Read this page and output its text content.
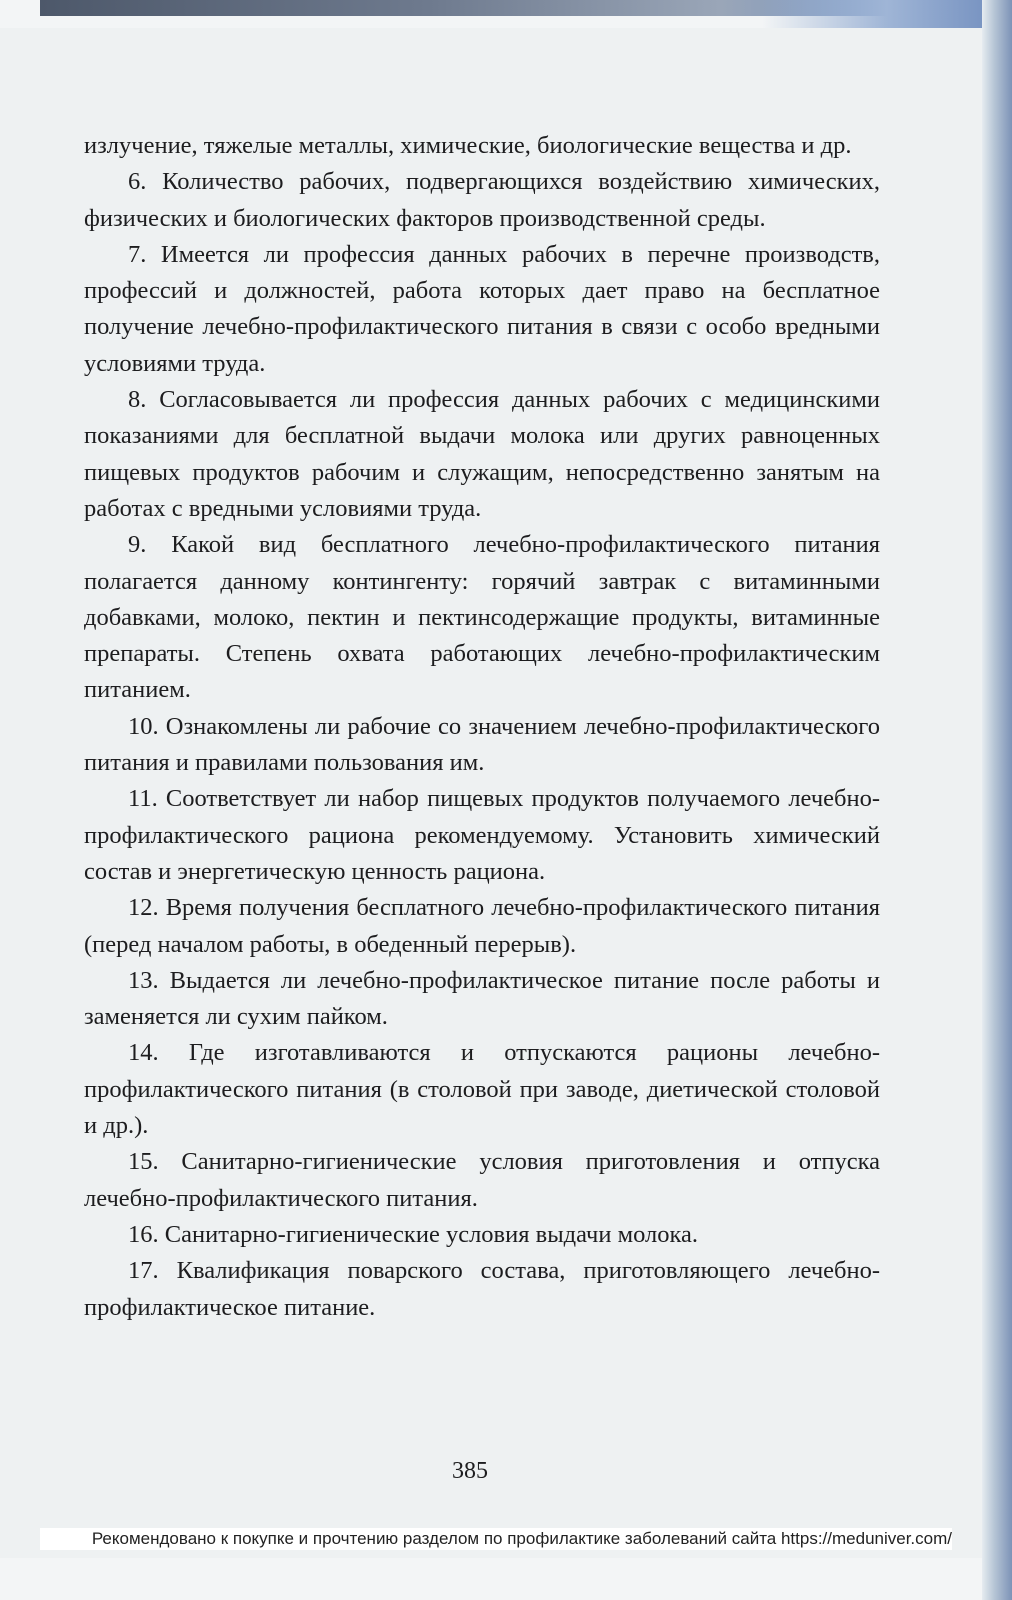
излучение, тяжелые металлы, химические, биологические вещества и др.

6. Количество рабочих, подвергающихся воздействию химических, физических и биологических факторов производственной среды.

7. Имеется ли профессия данных рабочих в перечне производств, профессий и должностей, работа которых дает право на бесплатное получение лечебно-профилактического питания в связи с особо вредными условиями труда.

8. Согласовывается ли профессия данных рабочих с медицинскими показаниями для бесплатной выдачи молока или других равноценных пищевых продуктов рабочим и служащим, непосредственно занятым на работах с вредными условиями труда.

9. Какой вид бесплатного лечебно-профилактического питания полагается данному контингенту: горячий завтрак с витаминными добавками, молоко, пектин и пектинсодержащие продукты, витаминные препараты. Степень охвата работающих лечебно-профилактическим питанием.

10. Ознакомлены ли рабочие со значением лечебно-профилактического питания и правилами пользования им.

11. Соответствует ли набор пищевых продуктов получаемого лечебно-профилактического рациона рекомендуемому. Установить химический состав и энергетическую ценность рациона.

12. Время получения бесплатного лечебно-профилактического питания (перед началом работы, в обеденный перерыв).

13. Выдается ли лечебно-профилактическое питание после работы и заменяется ли сухим пайком.

14. Где изготавливаются и отпускаются рационы лечебно-профилактического питания (в столовой при заводе, диетической столовой и др.).

15. Санитарно-гигиенические условия приготовления и отпуска лечебно-профилактического питания.

16. Санитарно-гигиенические условия выдачи молока.

17. Квалификация поварского состава, приготовляющего лечебно-профилактическое питание.

385
Рекомендовано к покупке и прочтению разделом по профилактике заболеваний сайта https://meduniver.com/
